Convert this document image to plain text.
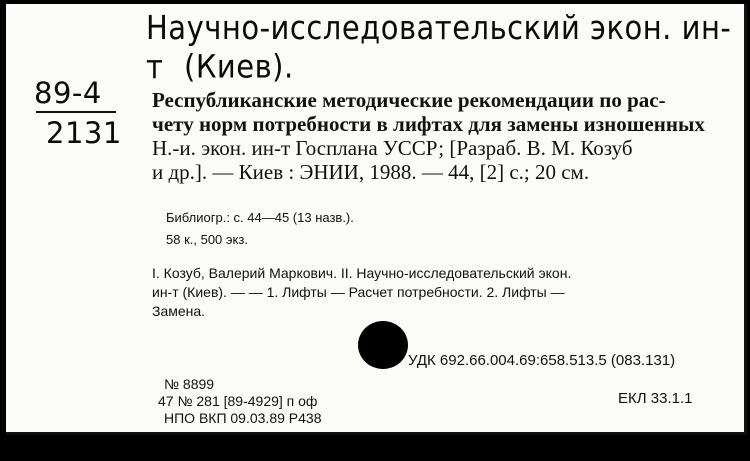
Научно-исследовательский экон. ин-т (Киев).
89-4
2131
Республиканские методические рекомендации по рас-
чету норм потребности в лифтах для замены изношенных
Н.-и. экон. ин-т Госплана УССР; [Разраб. В. М. Козуб
и др.]. — Киев : ЭНИИ, 1988. — 44, [2] с.; 20 см.
Библиогр.: с. 44—45 (13 назв.).
58 к., 500 экз.
I. Козуб, Валерий Маркович. II. Научно-исследовательский экон.
ин-т (Киев). — — 1. Лифты — Расчет потребности. 2. Лифты —
Замена.
УДК 692.66.004.69:658.513.5 (083.131)
№ 8899
47 № 281 [89-4929] п оф	ЕКЛ 33.1.1
НПО ВКП 09.03.89 Р438
